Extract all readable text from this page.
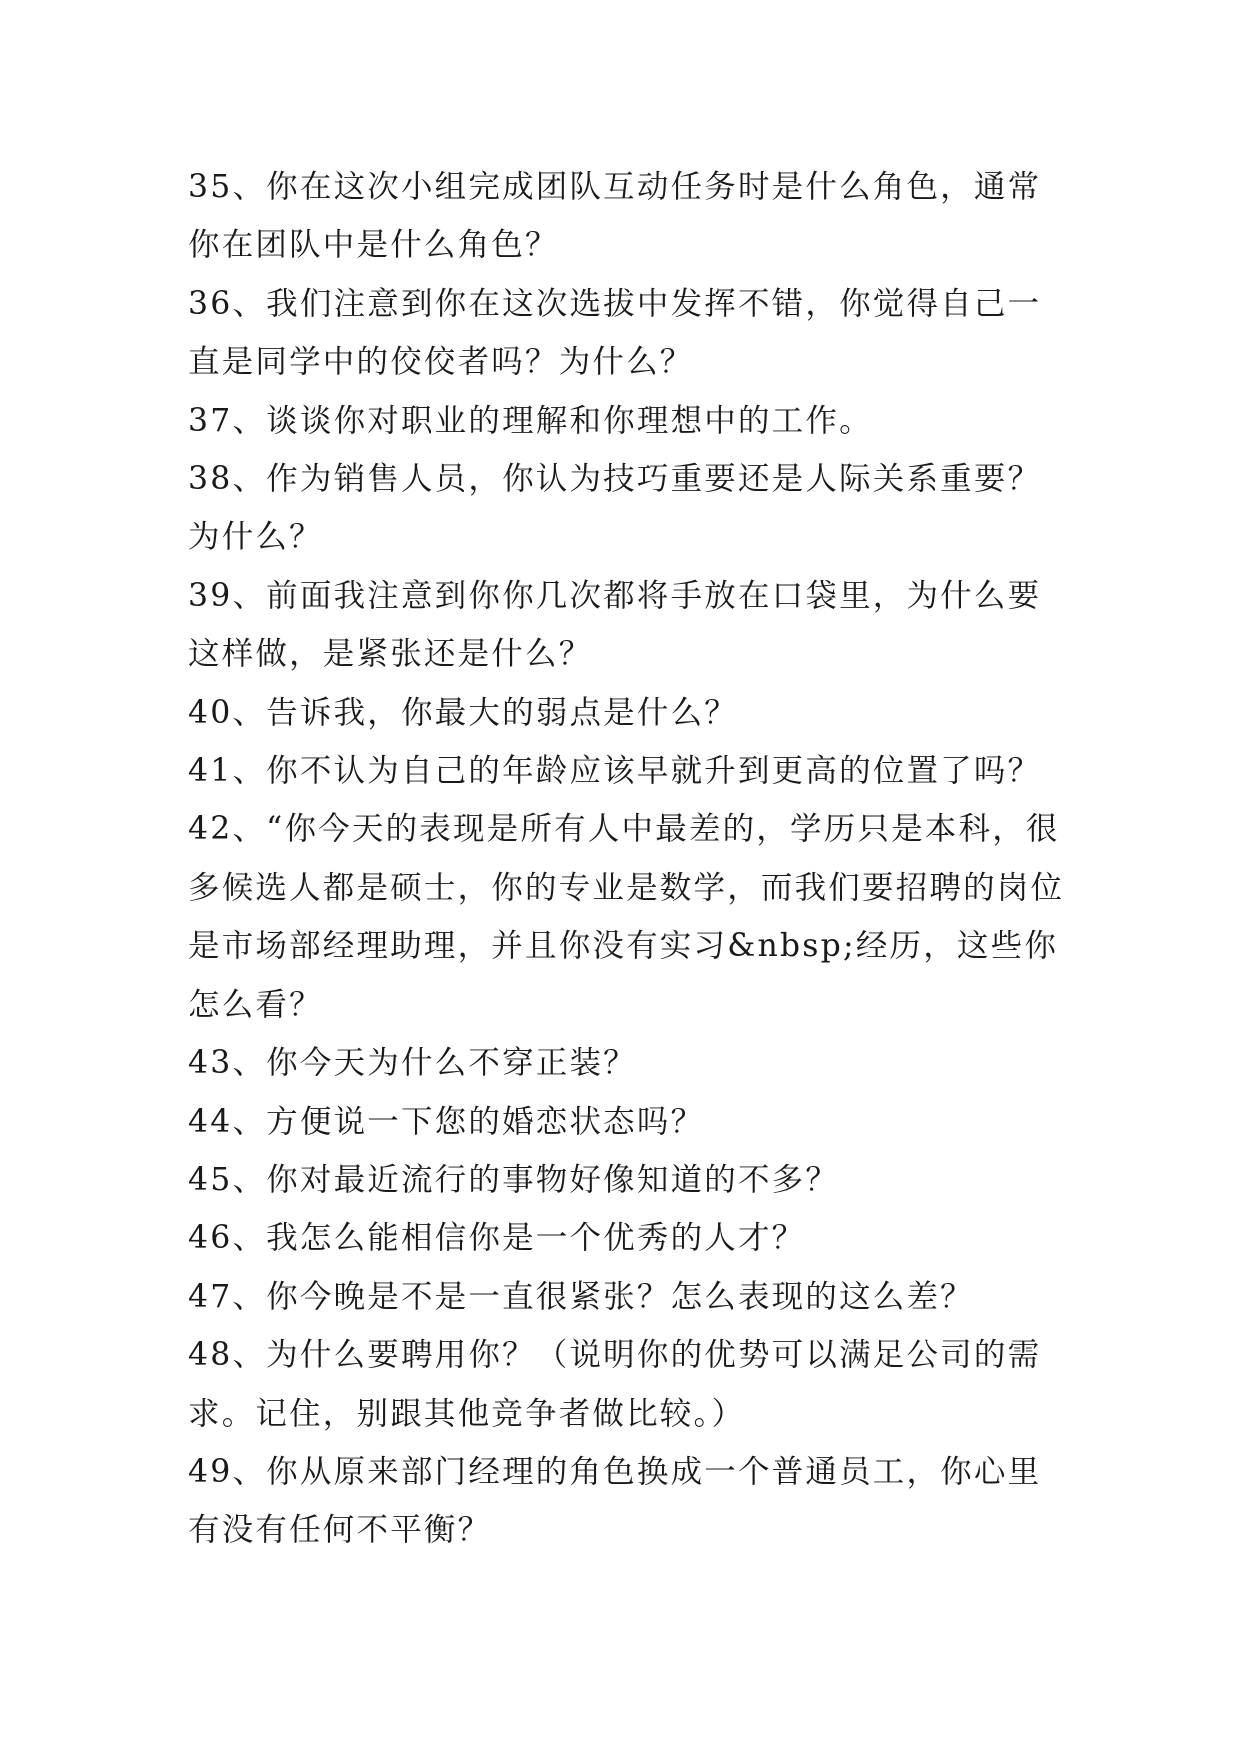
35、你在这次小组完成团队互动任务时是什么角色，通常你在团队中是什么角色？

36、我们注意到你在这次选拔中发挥不错，你觉得自己一直是同学中的佼佼者吗？为什么？

37、谈谈你对职业的理解和你理想中的工作。

38、作为销售人员，你认为技巧重要还是人际关系重要？为什么？

39、前面我注意到你你几次都将手放在口袋里，为什么要这样做，是紧张还是什么？

40、告诉我，你最大的弱点是什么？

41、你不认为自己的年龄应该早就升到更高的位置了吗？

42、“你今天的表现是所有人中最差的，学历只是本科，很多候选人都是硕士，你的专业是数学，而我们要招聘的岗位是市场部经理助理，并且你没有实习&nbsp;经历，这些你怎么看？

43、你今天为什么不穿正装？

44、方便说一下您的婚恋状态吗？

45、你对最近流行的事物好像知道的不多？

46、我怎么能相信你是一个优秀的人才？

47、你今晚是不是一直很紧张？怎么表现的这么差？

48、为什么要聘用你？（说明你的优势可以满足公司的需求。记住，别跟其他竞争者做比较。）

49、你从原来部门经理的角色换成一个普通员工，你心里有没有任何不平衡？
